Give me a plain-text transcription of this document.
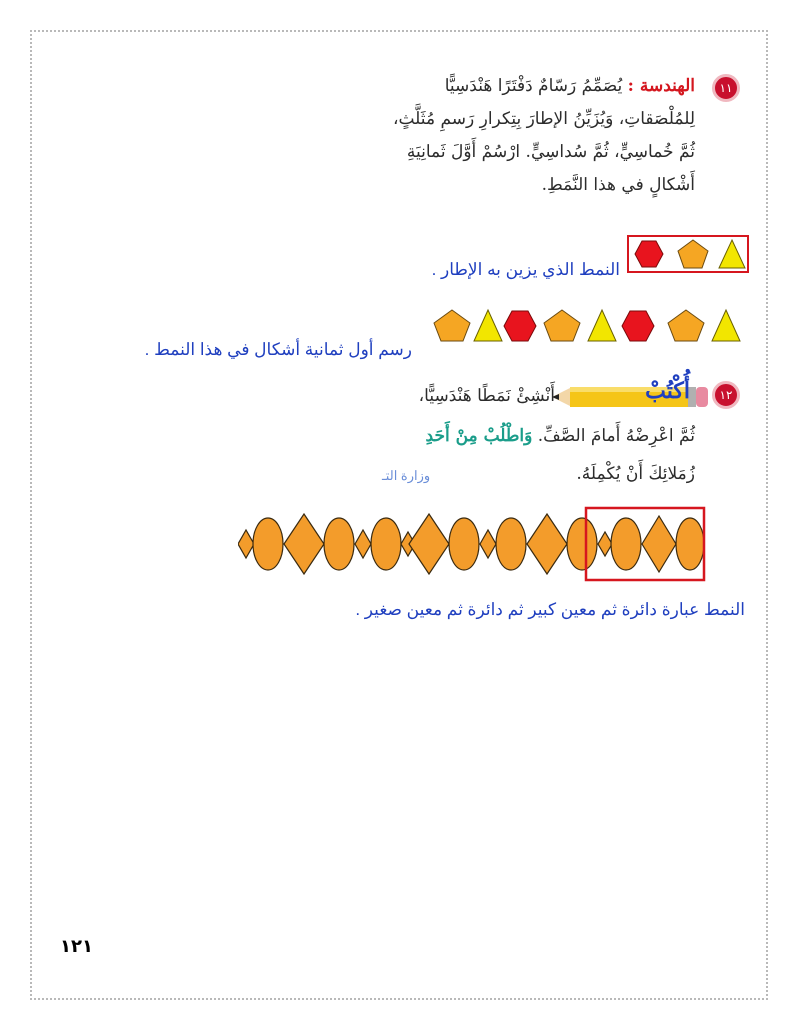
١١
الهندسة : يُصَمِّمُ رَسّامٌ دَفْتَرًا هَنْدَسِيًّا
لِلمُلْصَقاتِ، وَيُزَيِّنُ الإطارَ بِتِكرارِ رَسمِ مُثَلَّثٍ،
ثُمَّ خُماسِيٍّ، ثُمَّ سُداسِيٍّ. ارْسُمْ أَوَّلَ ثَمانِيَةِ
أَشْكالٍ في هذا النَّمَطِ.
النمط الذي يزين به الإطار .
رسم أول ثمانية أشكال في هذا النمط .
١٢
أُكْتُبْ
أَنْشِئْ نَمَطًا هَنْدَسِيًّا،
ثُمَّ اعْرِضْهُ أَمامَ الصَّفِّ. وَاطْلُبْ مِنْ أَحَدِ
زُمَلائِكَ أَنْ يُكْمِلَهُ.
وزارة التـ
النمط عبارة دائرة ثم معين كبير ثم دائرة ثم معين صغير .
١٢١
